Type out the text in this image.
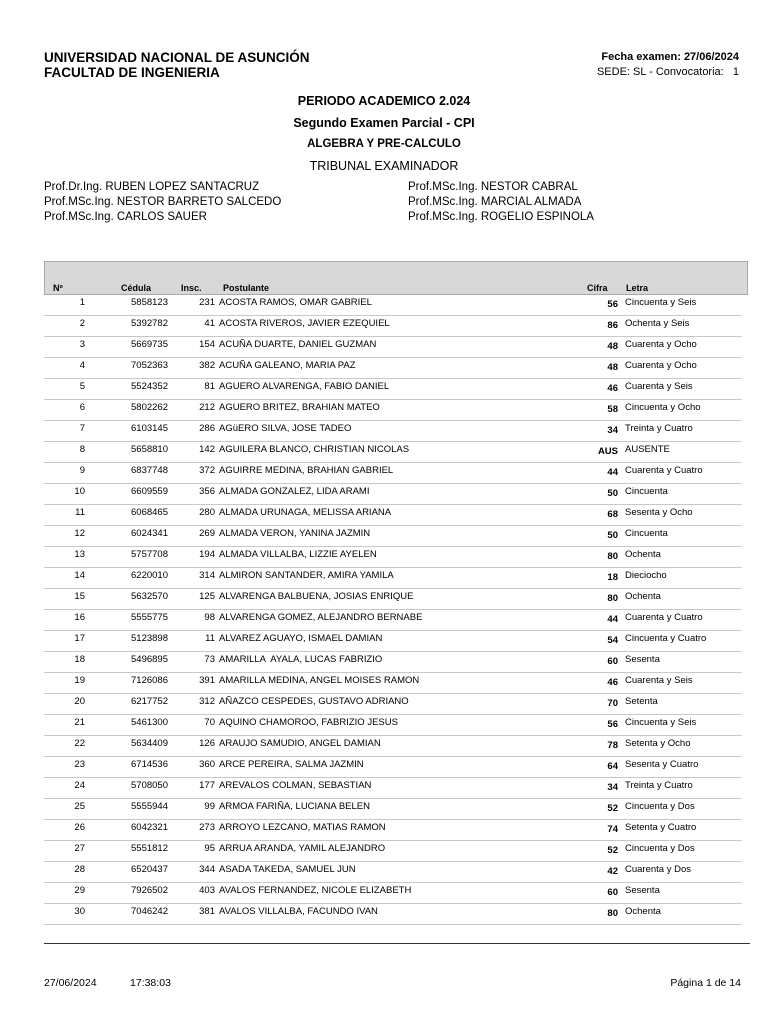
UNIVERSIDAD NACIONAL DE ASUNCIÓN
FACULTAD DE INGENIERIA
Fecha examen: 27/06/2024
SEDE: SL - Convocatoria:   1
PERIODO ACADEMICO 2.024
Segundo Examen Parcial - CPI
ALGEBRA Y PRE-CALCULO
TRIBUNAL EXAMINADOR
Prof.Dr.Ing. RUBEN LOPEZ SANTACRUZ
Prof.MSc.Ing. NESTOR BARRETO SALCEDO
Prof.MSc.Ing. CARLOS SAUER
Prof.MSc.Ing. NESTOR CABRAL
Prof.MSc.Ing. MARCIAL ALMADA
Prof.MSc.Ing. ROGELIO ESPINOLA
Nº	Cédula	Insc. Postulante	Cifra Letra
1	5858123	231 ACOSTA RAMOS, OMAR GABRIEL	56 Cincuenta y Seis
2	5392782	41 ACOSTA RIVEROS, JAVIER EZEQUIEL	86 Ochenta y Seis
3	5669735	154 ACUÑA DUARTE, DANIEL GUZMAN	48 Cuarenta y Ocho
4	7052363	382 ACUÑA GALEANO, MARIA PAZ	48 Cuarenta y Ocho
5	5524352	81 AGUERO ALVARENGA, FABIO DANIEL	46 Cuarenta y Seis
6	5802262	212 AGUERO BRITEZ, BRAHIAN MATEO	58 Cincuenta y Ocho
7	6103145	286 AGüERO SILVA, JOSE TADEO	34 Treinta y Cuatro
8	5658810	142 AGUILERA BLANCO, CHRISTIAN NICOLAS	AUS AUSENTE
9	6837748	372 AGUIRRE MEDINA, BRAHIAN GABRIEL	44 Cuarenta y Cuatro
10	6609559	356 ALMADA GONZALEZ, LIDA ARAMI	50 Cincuenta
11	6068465	280 ALMADA URUNAGA, MELISSA ARIANA	68 Sesenta y Ocho
12	6024341	269 ALMADA VERON, YANINA JAZMIN	50 Cincuenta
13	5757708	194 ALMADA VILLALBA, LIZZIE AYELEN	80 Ochenta
14	6220010	314 ALMIRON SANTANDER, AMIRA YAMILA	18 Dieciocho
15	5632570	125 ALVARENGA BALBUENA, JOSIAS ENRIQUE	80 Ochenta
16	5555775	98 ALVARENGA GOMEZ, ALEJANDRO BERNABE	44 Cuarenta y Cuatro
17	5123898	11 ALVAREZ AGUAYO, ISMAEL DAMIAN	54 Cincuenta y Cuatro
18	5496895	73 AMARILLA  AYALA, LUCAS FABRIZIO	60 Sesenta
19	7126086	391 AMARILLA MEDINA, ANGEL MOISES RAMON	46 Cuarenta y Seis
20	6217752	312 AÑAZCO CESPEDES, GUSTAVO ADRIANO	70 Setenta
21	5461300	70 AQUINO CHAMOROO, FABRIZIO JESUS	56 Cincuenta y Seis
22	5634409	126 ARAUJO SAMUDIO, ANGEL DAMIAN	78 Setenta y Ocho
23	6714536	360 ARCE PEREIRA, SALMA JAZMIN	64 Sesenta y Cuatro
24	5708050	177 AREVALOS COLMAN, SEBASTIAN	34 Treinta y Cuatro
25	5555944	99 ARMOA FARIÑA, LUCIANA BELEN	52 Cincuenta y Dos
26	6042321	273 ARROYO LEZCANO, MATIAS RAMON	74 Setenta y Cuatro
27	5551812	95 ARRUA ARANDA, YAMIL ALEJANDRO	52 Cincuenta y Dos
28	6520437	344 ASADA TAKEDA, SAMUEL JUN	42 Cuarenta y Dos
29	7926502	403 AVALOS FERNANDEZ, NICOLE ELIZABETH	60 Sesenta
30	7046242	381 AVALOS VILLALBA, FACUNDO IVAN	80 Ochenta
27/06/2024	17:38:03	Página 1 de 14
